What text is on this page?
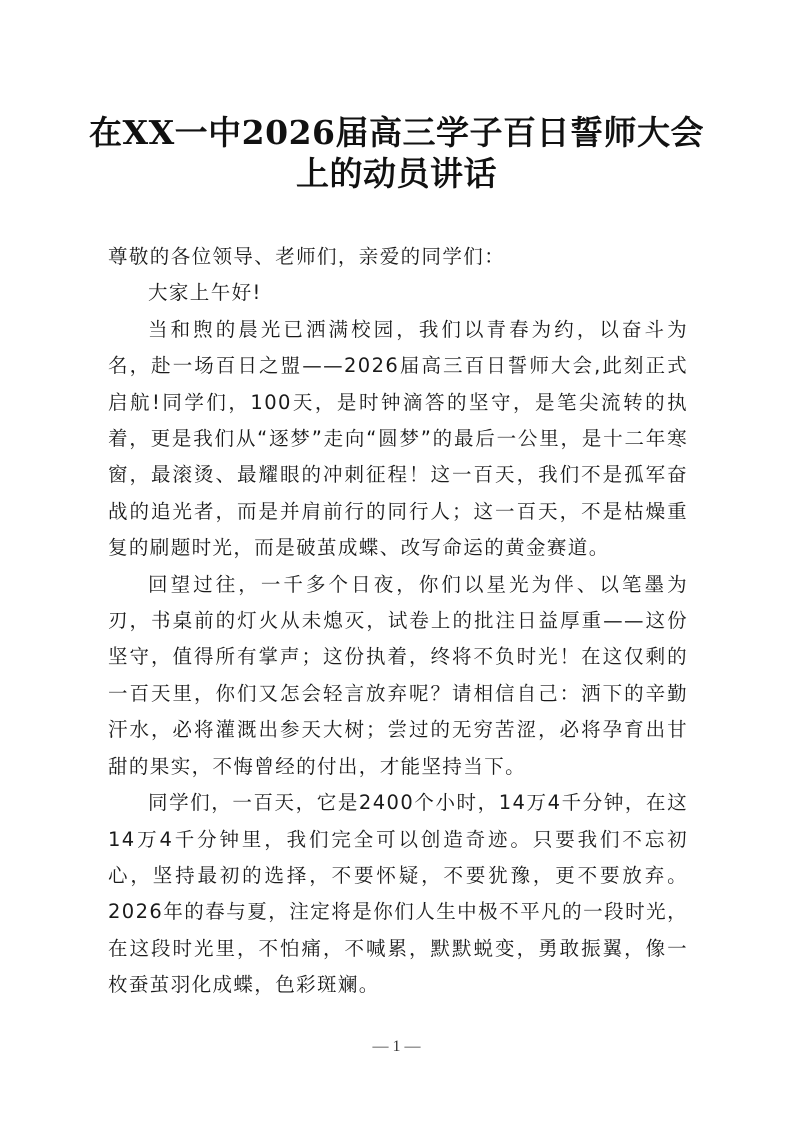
在XX一中2026届高三学子百日誓师大会
上的动员讲话

尊敬的各位领导、老师们，亲爱的同学们：

大家上午好!

当和煦的晨光已洒满校园，我们以青春为约，以奋斗为名，赴一场百日之盟——2026届高三百日誓师大会,此刻正式启航!同学们，100天，是时钟滴答的坚守，是笔尖流转的执着，更是我们从“逐梦”走向“圆梦”的最后一公里，是十二年寒窗，最滚烫、最耀眼的冲刺征程！这一百天，我们不是孤军奋战的追光者，而是并肩前行的同行人；这一百天，不是枯燥重复的刷题时光，而是破茧成蝶、改写命运的黄金赛道。

回望过往，一千多个日夜，你们以星光为伴、以笔墨为刃，书桌前的灯火从未熄灭，试卷上的批注日益厚重——这份坚守，值得所有掌声；这份执着，终将不负时光！在这仅剩的一百天里，你们又怎会轻言放弃呢？请相信自己：洒下的辛勤汗水，必将灌溉出参天大树；尝过的无穷苦涩，必将孕育出甘甜的果实，不悔曾经的付出，才能坚持当下。

同学们，一百天，它是2400个小时，14万4千分钟，在这14万4千分钟里，我们完全可以创造奇迹。只要我们不忘初心，坚持最初的选择，不要怀疑，不要犹豫，更不要放弃。2026年的春与夏，注定将是你们人生中极不平凡的一段时光，在这段时光里，不怕痛，不喊累，默默蜕变，勇敢振翼，像一枚蚕茧羽化成蝶，色彩斑斓。

— 1 —
